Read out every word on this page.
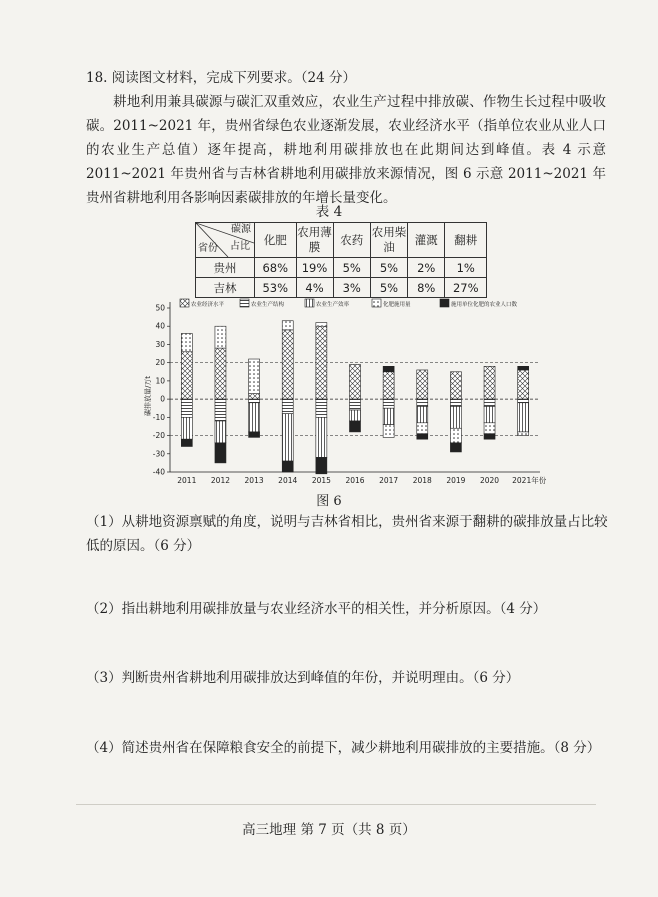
18. 阅读图文材料，完成下列要求。（24 分）

耕地利用兼具碳源与碳汇双重效应，农业生产过程中排放碳、作物生长过程中吸收碳。2011~2021 年，贵州省绿色农业逐渐发展，农业经济水平（指单位农业从业人口的农业生产总值）逐年提高，耕地利用碳排放也在此期间达到峰值。表 4 示意 2011~2021 年贵州省与吉林省耕地利用碳排放来源情况，图 6 示意 2011~2021 年贵州省耕地利用各影响因素碳排放的年增长量变化。

表 4
碳源
占比
省份	化肥	农用薄膜	农药	农用柴油	灌溉	翻耕
贵州	68%	19%	5%	5%	2%	1%
吉林	53%	4%	3%	5%	8%	27%
-40
-30
-20
-10
0
10
20
30
40
50
2011 2012 2013 2014 2015 2016 2017 2018 2019 2020 2021年份
农业经济水平	农业生产结构	农业生产效率	化肥施用量	施用单位化肥的农业人口数
碳排放量/万t
图 6
（1）从耕地资源禀赋的角度，说明与吉林省相比，贵州省来源于翻耕的碳排放量占比较低的原因。（6 分）
（2）指出耕地利用碳排放量与农业经济水平的相关性，并分析原因。（4 分）
（3）判断贵州省耕地利用碳排放达到峰值的年份，并说明理由。（6 分）
（4）简述贵州省在保障粮食安全的前提下，减少耕地利用碳排放的主要措施。（8 分）
高三地理 第 7 页（共 8 页）
